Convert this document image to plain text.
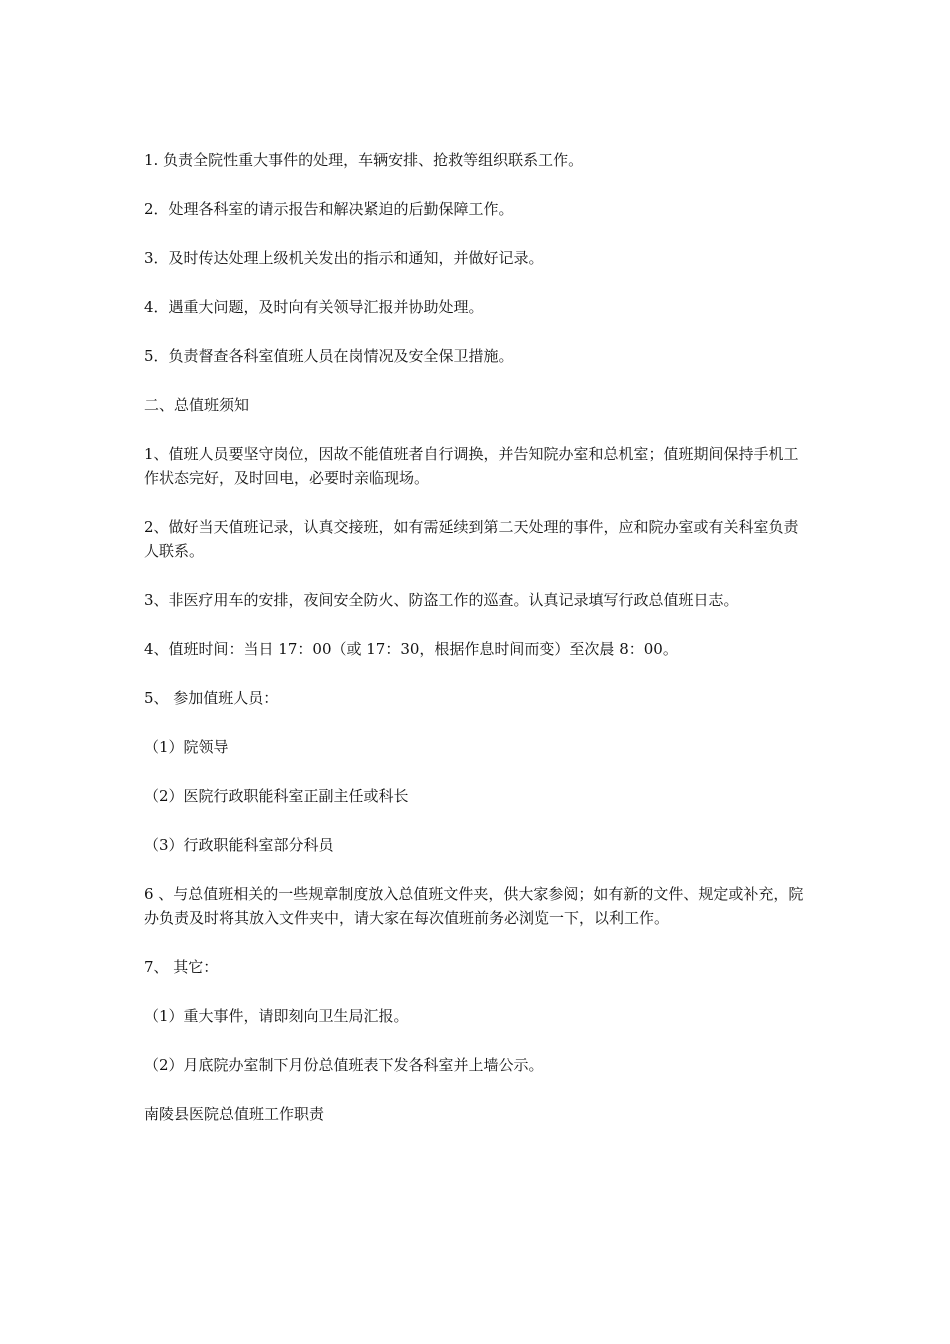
1. 负责全院性重大事件的处理，车辆安排、抢救等组织联系工作。

2．处理各科室的请示报告和解决紧迫的后勤保障工作。

3．及时传达处理上级机关发出的指示和通知，并做好记录。

4．遇重大问题，及时向有关领导汇报并协助处理。

5．负责督查各科室值班人员在岗情况及安全保卫措施。

二、总值班须知

1、值班人员要坚守岗位，因故不能值班者自行调换，并告知院办室和总机室；值班期间保持手机工作状态完好，及时回电，必要时亲临现场。

2、做好当天值班记录，认真交接班，如有需延续到第二天处理的事件，应和院办室或有关科室负责人联系。

3、非医疗用车的安排，夜间安全防火、防盗工作的巡查。认真记录填写行政总值班日志。

4、值班时间：当日 17：00（或 17：30，根据作息时间而变）至次晨 8：00。

5、 参加值班人员：

（1）院领导

（2）医院行政职能科室正副主任或科长

（3）行政职能科室部分科员

6 、与总值班相关的一些规章制度放入总值班文件夹，供大家参阅；如有新的文件、规定或补充，院办负责及时将其放入文件夹中，请大家在每次值班前务必浏览一下，以利工作。

7、 其它：

（1）重大事件，请即刻向卫生局汇报。

（2）月底院办室制下月份总值班表下发各科室并上墙公示。

南陵县医院总值班工作职责
